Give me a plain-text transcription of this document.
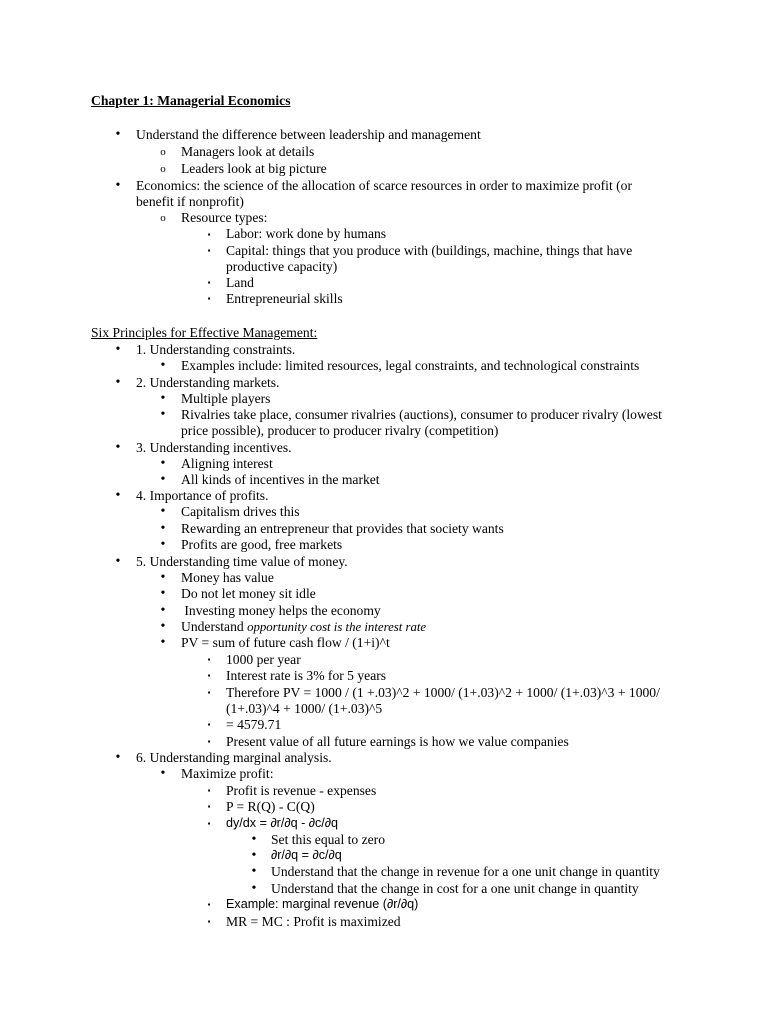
Chapter 1: Managerial Economics
• Understand the difference between leadership and management
o Managers look at details
o Leaders look at big picture
• Economics: the science of the allocation of scarce resources in order to maximize profit (or
benefit if nonprofit)
o Resource types:
▪ Labor: work done by humans
▪ Capital: things that you produce with (buildings, machine, things that have
productive capacity)
▪ Land
▪ Entrepreneurial skills
Six Principles for Effective Management:
• 1. Understanding constraints.
• Examples include: limited resources, legal constraints, and technological constraints
• 2. Understanding markets.
• Multiple players
• Rivalries take place, consumer rivalries (auctions), consumer to producer rivalry (lowest
price possible), producer to producer rivalry (competition)
• 3. Understanding incentives.
• Aligning interest
• All kinds of incentives in the market
• 4. Importance of profits.
• Capitalism drives this
• Rewarding an entrepreneur that provides that society wants
• Profits are good, free markets
• 5. Understanding time value of money.
• Money has value
• Do not let money sit idle
• Investing money helps the economy
• Understand opportunity cost is the interest rate
• PV = sum of future cash flow / (1+i)^t
▪ 1000 per year
▪ Interest rate is 3% for 5 years
▪ Therefore PV = 1000 / (1 +.03)^2 + 1000/ (1+.03)^2 + 1000/ (1+.03)^3 + 1000/
(1+.03)^4 + 1000/ (1+.03)^5
▪ = 4579.71
▪ Present value of all future earnings is how we value companies
• 6. Understanding marginal analysis.
• Maximize profit:
▪ Profit is revenue - expenses
▪ P = R(Q) - C(Q)
▪ dy/dx = ∂r/∂q - ∂c/∂q
• Set this equal to zero
• ∂r/∂q = ∂c/∂q
• Understand that the change in revenue for a one unit change in quantity
• Understand that the change in cost for a one unit change in quantity
▪ Example: marginal revenue (∂r/∂q)
▪ MR = MC : Profit is maximized
